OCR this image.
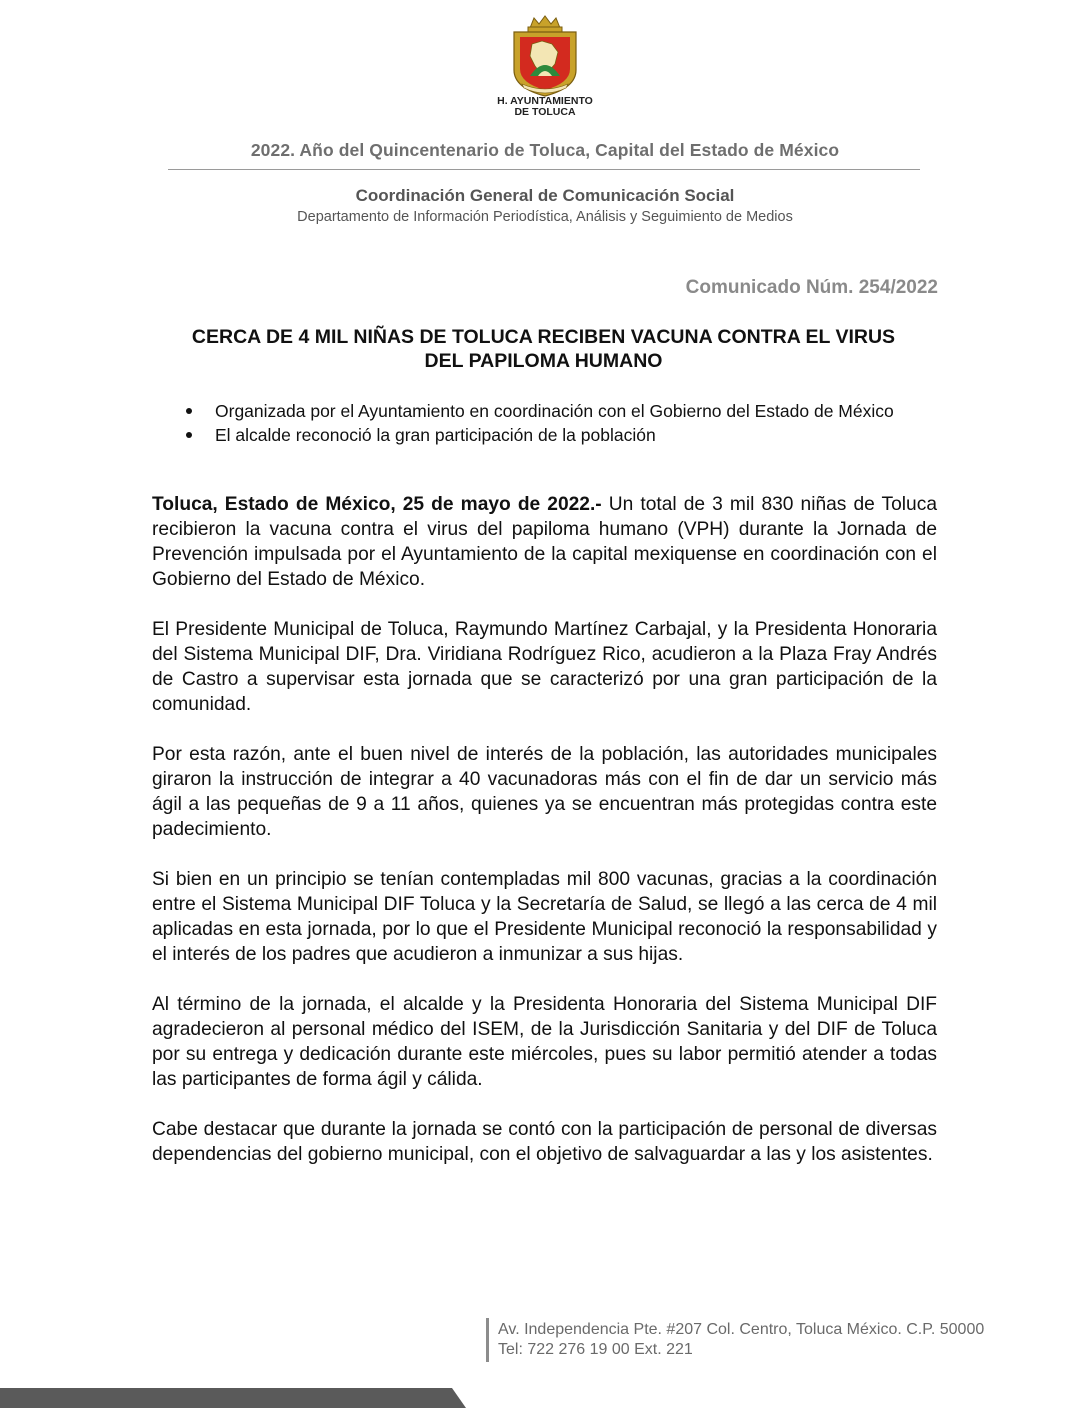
H. AYUNTAMIENTO
DE TOLUCA
2022. Año del Quincentenario de Toluca, Capital del Estado de México
Coordinación General de Comunicación Social
Departamento de Información Periodística, Análisis y Seguimiento de Medios
Comunicado Núm. 254/2022
CERCA DE 4 MIL NIÑAS DE TOLUCA RECIBEN VACUNA CONTRA EL VIRUS
DEL PAPILOMA HUMANO
Organizada por el Ayuntamiento en coordinación con el Gobierno del Estado de México
El alcalde reconoció la gran participación de la población

Toluca, Estado de México, 25 de mayo de 2022.- Un total de 3 mil 830 niñas de Toluca recibieron la vacuna contra el virus del papiloma humano (VPH) durante la Jornada de Prevención impulsada por el Ayuntamiento de la capital mexiquense en coordinación con el Gobierno del Estado de México.

El Presidente Municipal de Toluca, Raymundo Martínez Carbajal, y la Presidenta Honoraria del Sistema Municipal DIF, Dra. Viridiana Rodríguez Rico, acudieron a la Plaza Fray Andrés de Castro a supervisar esta jornada que se caracterizó por una gran participación de la comunidad.

Por esta razón, ante el buen nivel de interés de la población, las autoridades municipales giraron la instrucción de integrar a 40 vacunadoras más con el fin de dar un servicio más ágil a las pequeñas de 9 a 11 años, quienes ya se encuentran más protegidas contra este padecimiento.

Si bien en un principio se tenían contempladas mil 800 vacunas, gracias a la coordinación entre el Sistema Municipal DIF Toluca y la Secretaría de Salud, se llegó a las cerca de 4 mil aplicadas en esta jornada, por lo que el Presidente Municipal reconoció la responsabilidad y el interés de los padres que acudieron a inmunizar a sus hijas.

Al término de la jornada, el alcalde y la Presidenta Honoraria del Sistema Municipal DIF agradecieron al personal médico del ISEM, de la Jurisdicción Sanitaria y del DIF de Toluca por su entrega y dedicación durante este miércoles, pues su labor permitió atender a todas las participantes de forma ágil y cálida.

Cabe destacar que durante la jornada se contó con la participación de personal de diversas dependencias del gobierno municipal, con el objetivo de salvaguardar a las y los asistentes.

Av. Independencia Pte. #207 Col. Centro, Toluca México. C.P. 50000
Tel: 722 276 19 00 Ext. 221
